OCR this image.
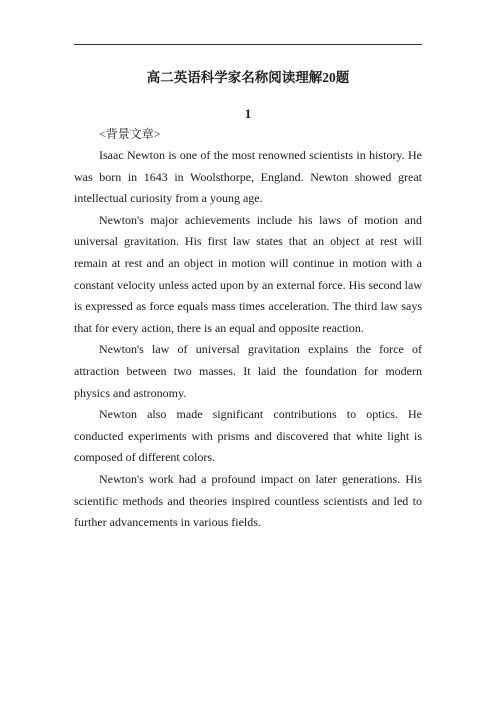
高二英语科学家名称阅读理解20题
1

<背景文章>

Isaac Newton is one of the most renowned scientists in history. He was born in 1643 in Woolsthorpe, England. Newton showed great intellectual curiosity from a young age.

Newton's major achievements include his laws of motion and universal gravitation. His first law states that an object at rest will remain at rest and an object in motion will continue in motion with a constant velocity unless acted upon by an external force. His second law is expressed as force equals mass times acceleration. The third law says that for every action, there is an equal and opposite reaction.

Newton's law of universal gravitation explains the force of attraction between two masses. It laid the foundation for modern physics and astronomy.

Newton also made significant contributions to optics. He conducted experiments with prisms and discovered that white light is composed of different colors.

Newton's work had a profound impact on later generations. His scientific methods and theories inspired countless scientists and led to further advancements in various fields.
